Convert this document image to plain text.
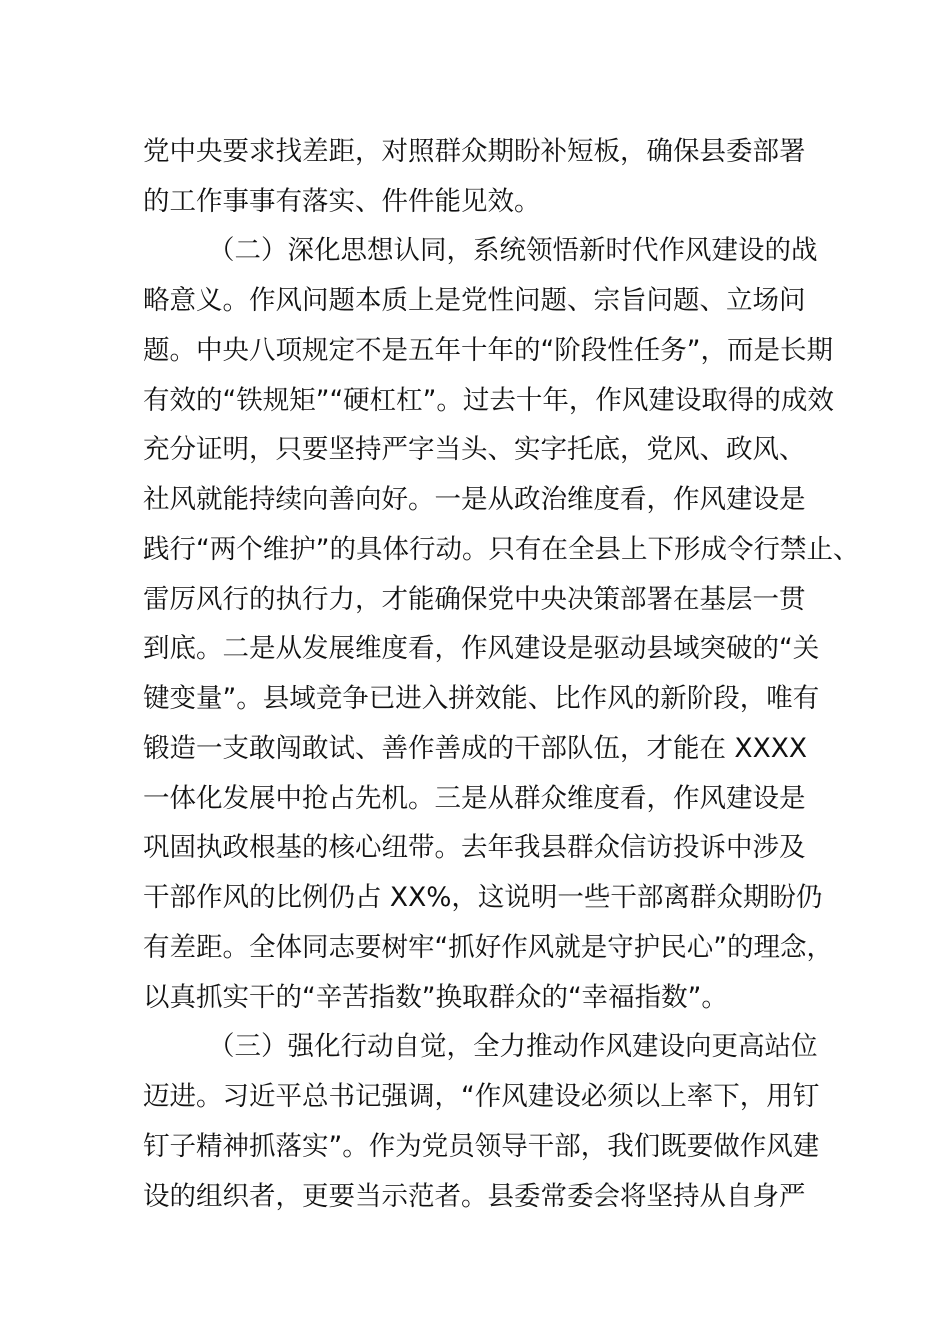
党中央要求找差距，对照群众期盼补短板，确保县委部署

的工作事事有落实、件件能见效。

（二）深化思想认同，系统领悟新时代作风建设的战

略意义。作风问题本质上是党性问题、宗旨问题、立场问

题。中央八项规定不是五年十年的“阶段性任务”，而是长期

有效的“铁规矩”“硬杠杠”。过去十年，作风建设取得的成效

充分证明，只要坚持严字当头、实字托底，党风、政风、

社风就能持续向善向好。一是从政治维度看，作风建设是

践行“两个维护”的具体行动。只有在全县上下形成令行禁止、

雷厉风行的执行力，才能确保党中央决策部署在基层一贯

到底。二是从发展维度看，作风建设是驱动县域突破的“关

键变量”。县域竞争已进入拼效能、比作风的新阶段，唯有

锻造一支敢闯敢试、善作善成的干部队伍，才能在 XXXX

一体化发展中抢占先机。三是从群众维度看，作风建设是

巩固执政根基的核心纽带。去年我县群众信访投诉中涉及

干部作风的比例仍占 XX%，这说明一些干部离群众期盼仍

有差距。全体同志要树牢“抓好作风就是守护民心”的理念，

以真抓实干的“辛苦指数”换取群众的“幸福指数”。

（三）强化行动自觉，全力推动作风建设向更高站位

迈进。习近平总书记强调，“作风建设必须以上率下，用钉

钉子精神抓落实”。作为党员领导干部，我们既要做作风建

设的组织者，更要当示范者。县委常委会将坚持从自身严
